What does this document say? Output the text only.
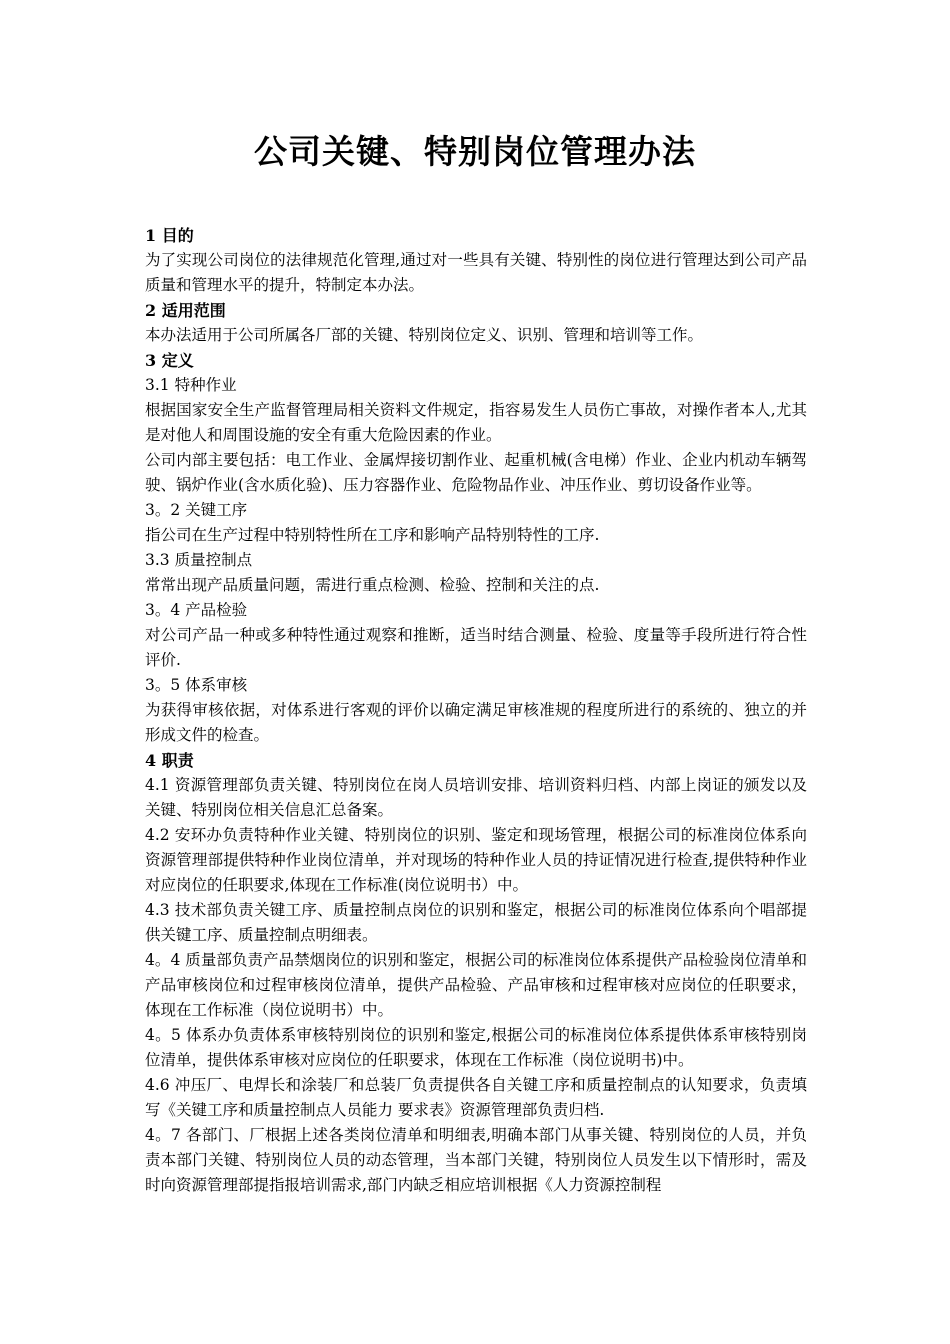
公司关键、特别岗位管理办法
1 目的

为了实现公司岗位的法律规范化管理,通过对一些具有关键、特别性的岗位进行管理达到公司产品质量和管理水平的提升，特制定本办法。

2 适用范围

本办法适用于公司所属各厂部的关键、特别岗位定义、识别、管理和培训等工作。

3 定义
3.1 特种作业

根据国家安全生产监督管理局相关资料文件规定，指容易发生人员伤亡事故，对操作者本人,尤其是对他人和周围设施的安全有重大危险因素的作业。

公司内部主要包括：电工作业、金属焊接切割作业、起重机械(含电梯）作业、企业内机动车辆驾驶、锅炉作业(含水质化验)、压力容器作业、危险物品作业、冲压作业、剪切设备作业等。

3。2 关键工序

指公司在生产过程中特别特性所在工序和影响产品特别特性的工序.

3.3 质量控制点

常常出现产品质量问题，需进行重点检测、检验、控制和关注的点.

3。4 产品检验

对公司产品一种或多种特性通过观察和推断，适当时结合测量、检验、度量等手段所进行符合性评价.

3。5 体系审核

为获得审核依据，对体系进行客观的评价以确定满足审核准规的程度所进行的系统的、独立的并形成文件的检查。

4 职责

4.1 资源管理部负责关键、特别岗位在岗人员培训安排、培训资料归档、内部上岗证的颁发以及关键、特别岗位相关信息汇总备案。

4.2 安环办负责特种作业关键、特别岗位的识别、鉴定和现场管理，根据公司的标准岗位体系向资源管理部提供特种作业岗位清单，并对现场的特种作业人员的持证情况进行检查,提供特种作业对应岗位的任职要求,体现在工作标准(岗位说明书）中。

4.3 技术部负责关键工序、质量控制点岗位的识别和鉴定，根据公司的标准岗位体系向个唱部提供关键工序、质量控制点明细表。

4。4 质量部负责产品禁烟岗位的识别和鉴定，根据公司的标准岗位体系提供产品检验岗位清单和产品审核岗位和过程审核岗位清单，提供产品检验、产品审核和过程审核对应岗位的任职要求，体现在工作标准（岗位说明书）中。

4。5 体系办负责体系审核特别岗位的识别和鉴定,根据公司的标准岗位体系提供体系审核特别岗位清单，提供体系审核对应岗位的任职要求，体现在工作标准（岗位说明书)中。

4.6 冲压厂、电焊长和涂装厂和总装厂负责提供各自关键工序和质量控制点的认知要求，负责填写《关键工序和质量控制点人员能力 要求表》资源管理部负责归档.

4。7 各部门、厂根据上述各类岗位清单和明细表,明确本部门从事关键、特别岗位的人员，并负责本部门关键、特别岗位人员的动态管理，当本部门关键，特别岗位人员发生以下情形时，需及时向资源管理部提指报培训需求,部门内缺乏相应培训根据《人力资源控制程
